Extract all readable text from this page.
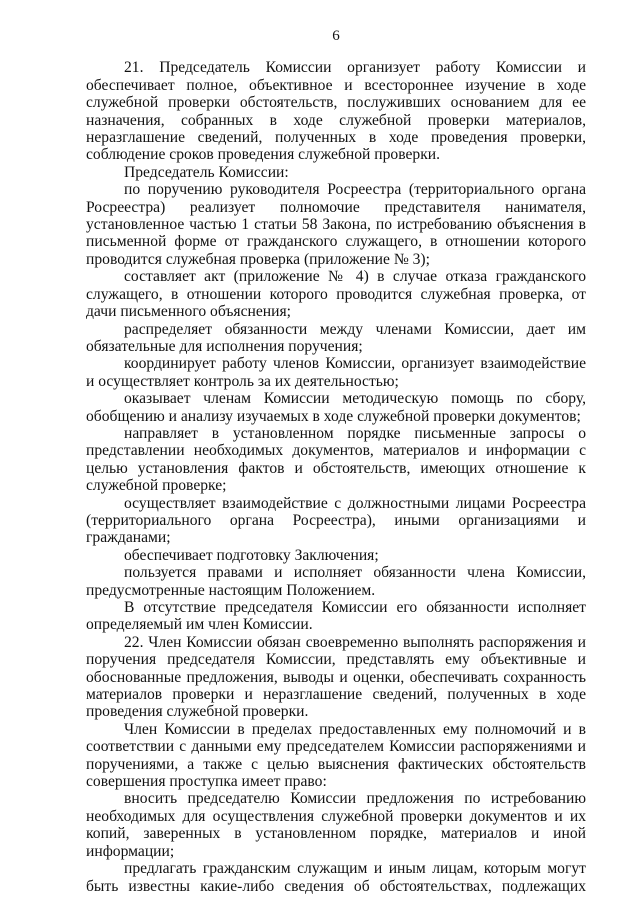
6

21. Председатель Комиссии организует работу Комиссии и обеспечивает полное, объективное и всестороннее изучение в ходе служебной проверки обстоятельств, послуживших основанием для ее назначения, собранных в ходе служебной проверки материалов, неразглашение сведений, полученных в ходе проведения проверки, соблюдение сроков проведения служебной проверки.

Председатель Комиссии:

по поручению руководителя Росреестра (территориального органа Росреестра) реализует полномочие представителя нанимателя, установленное частью 1 статьи 58 Закона, по истребованию объяснения в письменной форме от гражданского служащего, в отношении которого проводится служебная проверка (приложение № 3);

составляет акт (приложение № 4) в случае отказа гражданского служащего, в отношении которого проводится служебная проверка, от дачи письменного объяснения;

распределяет обязанности между членами Комиссии, дает им обязательные для исполнения поручения;

координирует работу членов Комиссии, организует взаимодействие и осуществляет контроль за их деятельностью;

оказывает членам Комиссии методическую помощь по сбору, обобщению и анализу изучаемых в ходе служебной проверки документов;

направляет в установленном порядке письменные запросы о представлении необходимых документов, материалов и информации с целью установления фактов и обстоятельств, имеющих отношение к служебной проверке;

осуществляет взаимодействие с должностными лицами Росреестра (территориального органа Росреестра), иными организациями и гражданами;

обеспечивает подготовку Заключения;

пользуется правами и исполняет обязанности члена Комиссии, предусмотренные настоящим Положением.

В отсутствие председателя Комиссии его обязанности исполняет определяемый им член Комиссии.

22. Член Комиссии обязан своевременно выполнять распоряжения и поручения председателя Комиссии, представлять ему объективные и обоснованные предложения, выводы и оценки, обеспечивать сохранность материалов проверки и неразглашение сведений, полученных в ходе проведения служебной проверки.

Член Комиссии в пределах предоставленных ему полномочий и в соответствии с данными ему председателем Комиссии распоряжениями и поручениями, а также с целью выяснения фактических обстоятельств совершения проступка имеет право:

вносить председателю Комиссии предложения по истребованию необходимых для осуществления служебной проверки документов и их копий, заверенных в установленном порядке, материалов и иной информации;

предлагать гражданским служащим и иным лицам, которым могут быть известны какие-либо сведения об обстоятельствах, подлежащих
